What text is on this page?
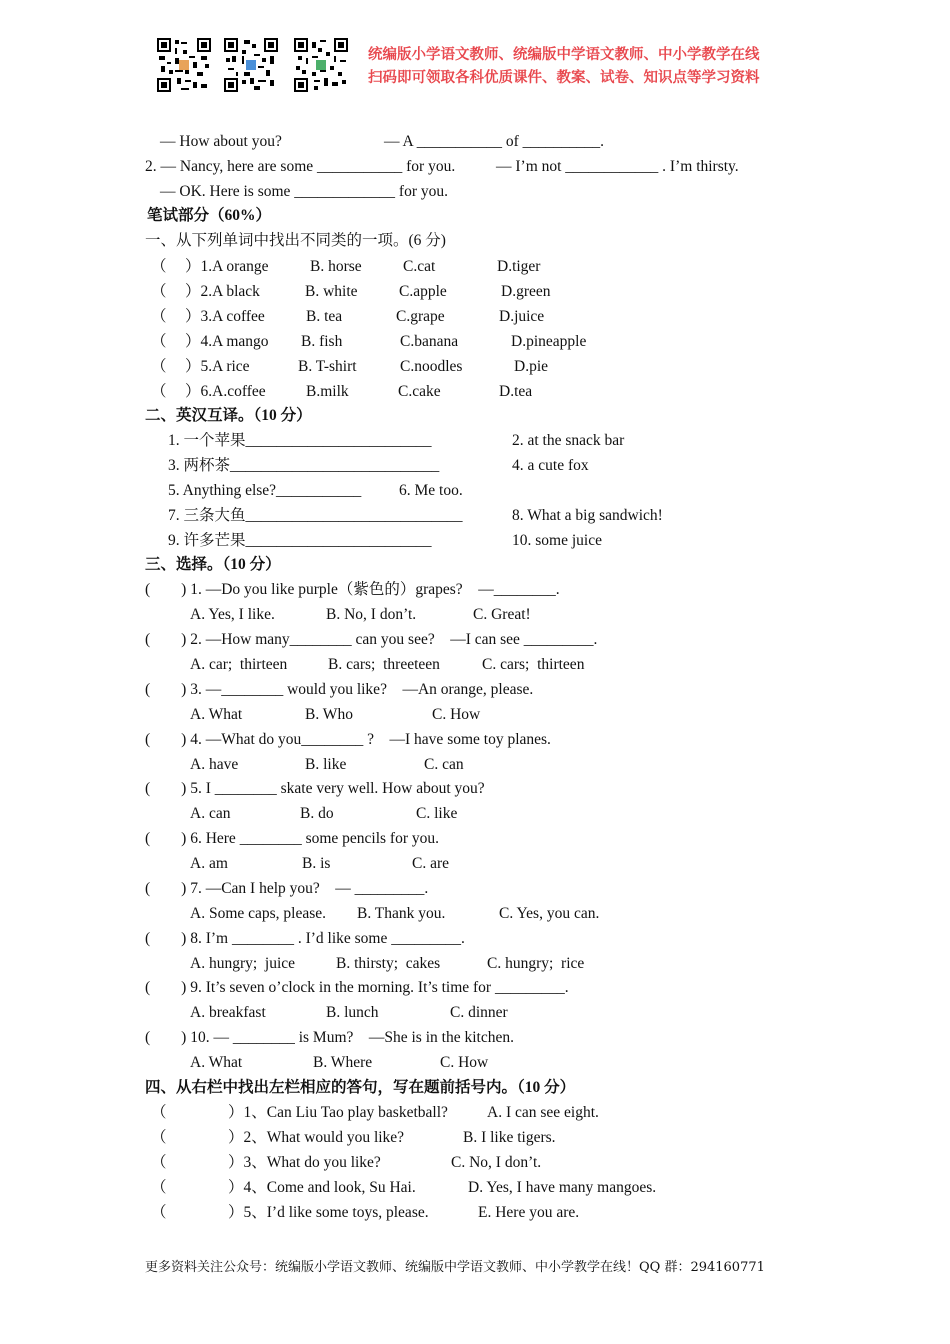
统编版小学语文教师、统编版中学语文教师、中小学教学在线
扫码即可领取各科优质课件、教案、试卷、知识点等学习资料
— How about you?	— A ___________ of __________.
2. — Nancy, here are some ___________ for you.	— I’m not ____________ . I’m thirsty.
— OK. Here is some _____________ for you.
笔试部分（60%）
一、从下列单词中找出不同类的一项。(6 分)
（ ）1.A orange	B. horse	C.cat	D.tiger
（ ）2.A black	B. white	C.apple	D.green
（ ）3.A coffee	B. tea	C.grape	D.juice
（ ）4.A mango B. fish	C.banana	D.pineapple
（ ）5.A rice	B. T-shirt	C.noodles	D.pie
（ ）6.A.coffee	B.milk	C.cake	D.tea
二、英汉互译。（10 分）
1. 一个苹果________________________	2. at the snack bar
3. 两杯茶___________________________	4. a cute fox
5. Anything else?___________ 6. Me too.
7. 三条大鱼____________________________	8. What a big sandwich!
9. 许多芒果________________________	10. some juice
三、选择。（10 分）
(        ) 1. —Do you like purple（紫色的）grapes?    —________.
A. Yes, I like.	B. No, I don’t.	C. Great!
(        ) 2. —How many________ can you see?    —I can see _________.
A. car;  thirteen	B. cars;  threeteen	C. cars;  thirteen
(        ) 3. —________ would you like?    —An orange, please.
A. What	B. Who	C. How
(        ) 4. —What do you________ ?    —I have some toy planes.
A. have	B. like	C. can
(        ) 5. I ________ skate very well. How about you?
A. can	B. do	C. like
(        ) 6. Here ________ some pencils for you.
A. am	B. is	C. are
(        ) 7. —Can I help you?    — _________.
A. Some caps, please. B. Thank you.	C. Yes, you can.
(        ) 8. I’m ________ . I’d like some _________.
A. hungry;  juice	B. thirsty;  cakes	C. hungry;  rice
(        ) 9. It’s seven o’clock in the morning. It’s time for _________.
A. breakfast	B. lunch	C. dinner
(        ) 10. — ________ is Mum?    —She is in the kitchen.
A. What	B. Where	C. How
四、从右栏中找出左栏相应的答句，写在题前括号内。（10 分）
（	）1、Can Liu Tao play basketball?	A. I can see eight.
（	）2、What would you like?	B. I like tigers.
（	）3、What do you like?	C. No, I don’t.
（	）4、Come and look, Su Hai.	D. Yes, I have many mangoes.
（	）5、I’d like some toys, please.	E. Here you are.
更多资料关注公众号：统编版小学语文教师、统编版中学语文教师、中小学教学在线！QQ 群：294160771
